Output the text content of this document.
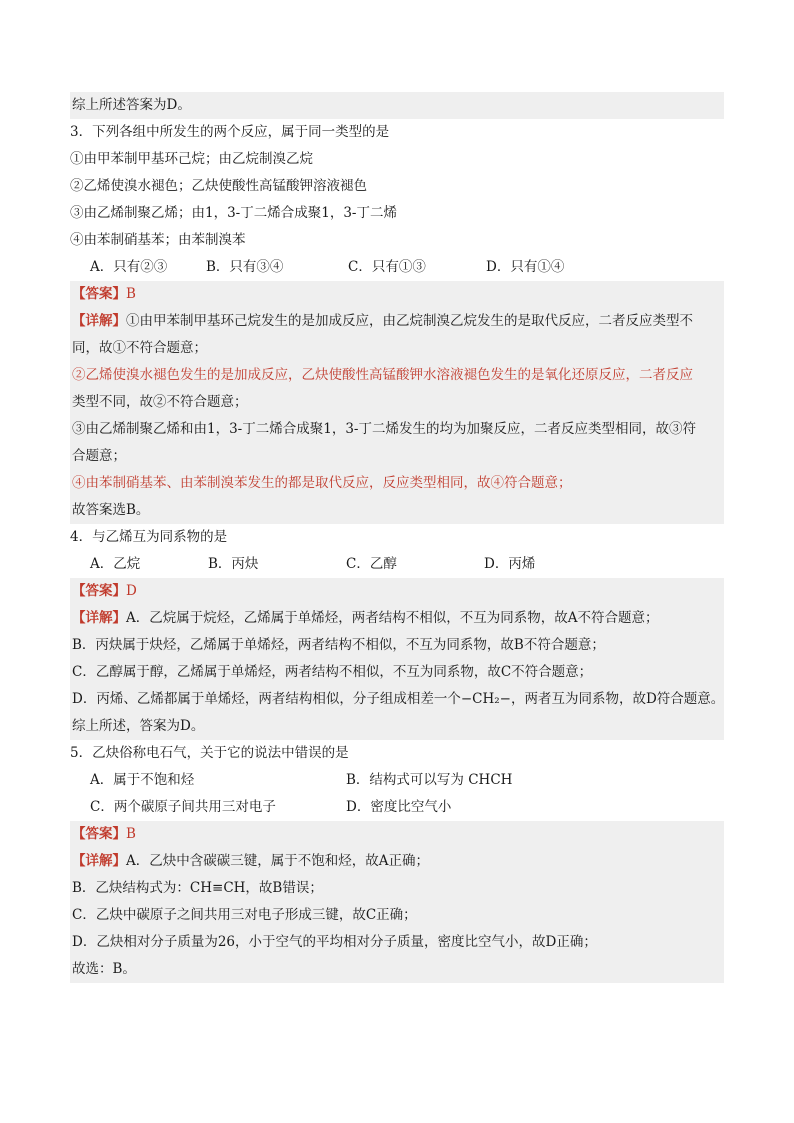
综上所述答案为D。
3．下列各组中所发生的两个反应，属于同一类型的是
①由甲苯制甲基环己烷；由乙烷制溴乙烷
②乙烯使溴水褪色；乙炔使酸性高锰酸钾溶液褪色
③由乙烯制聚乙烯；由1，3-丁二烯合成聚1，3-丁二烯
④由苯制硝基苯；由苯制溴苯
A．只有②③	B．只有③④	C．只有①③	D．只有①④
【答案】B
【详解】①由甲苯制甲基环己烷发生的是加成反应，由乙烷制溴乙烷发生的是取代反应，二者反应类型不
同，故①不符合题意；
②乙烯使溴水褪色发生的是加成反应，乙炔使酸性高锰酸钾水溶液褪色发生的是氧化还原反应，二者反应
类型不同，故②不符合题意；
③由乙烯制聚乙烯和由1，3-丁二烯合成聚1，3-丁二烯发生的均为加聚反应，二者反应类型相同，故③符
合题意；
④由苯制硝基苯、由苯制溴苯发生的都是取代反应，反应类型相同，故④符合题意；
故答案选B。
4．与乙烯互为同系物的是
A．乙烷	B．丙炔	C．乙醇	D．丙烯
【答案】D
【详解】A．乙烷属于烷烃，乙烯属于单烯烃，两者结构不相似，不互为同系物，故A不符合题意；
B．丙炔属于炔烃，乙烯属于单烯烃，两者结构不相似，不互为同系物，故B不符合题意；
C．乙醇属于醇，乙烯属于单烯烃，两者结构不相似，不互为同系物，故C不符合题意；
D．丙烯、乙烯都属于单烯烃，两者结构相似，分子组成相差一个−CH₂−，两者互为同系物，故D符合题意。
综上所述，答案为D。
5．乙炔俗称电石气，关于它的说法中错误的是
A．属于不饱和烃	B．结构式可以写为 CHCH
C．两个碳原子间共用三对电子	D．密度比空气小
【答案】B
【详解】A．乙炔中含碳碳三键，属于不饱和烃，故A正确；
B．乙炔结构式为：CH≡CH，故B错误；
C．乙炔中碳原子之间共用三对电子形成三键，故C正确；
D．乙炔相对分子质量为26，小于空气的平均相对分子质量，密度比空气小，故D正确；
故选：B。
